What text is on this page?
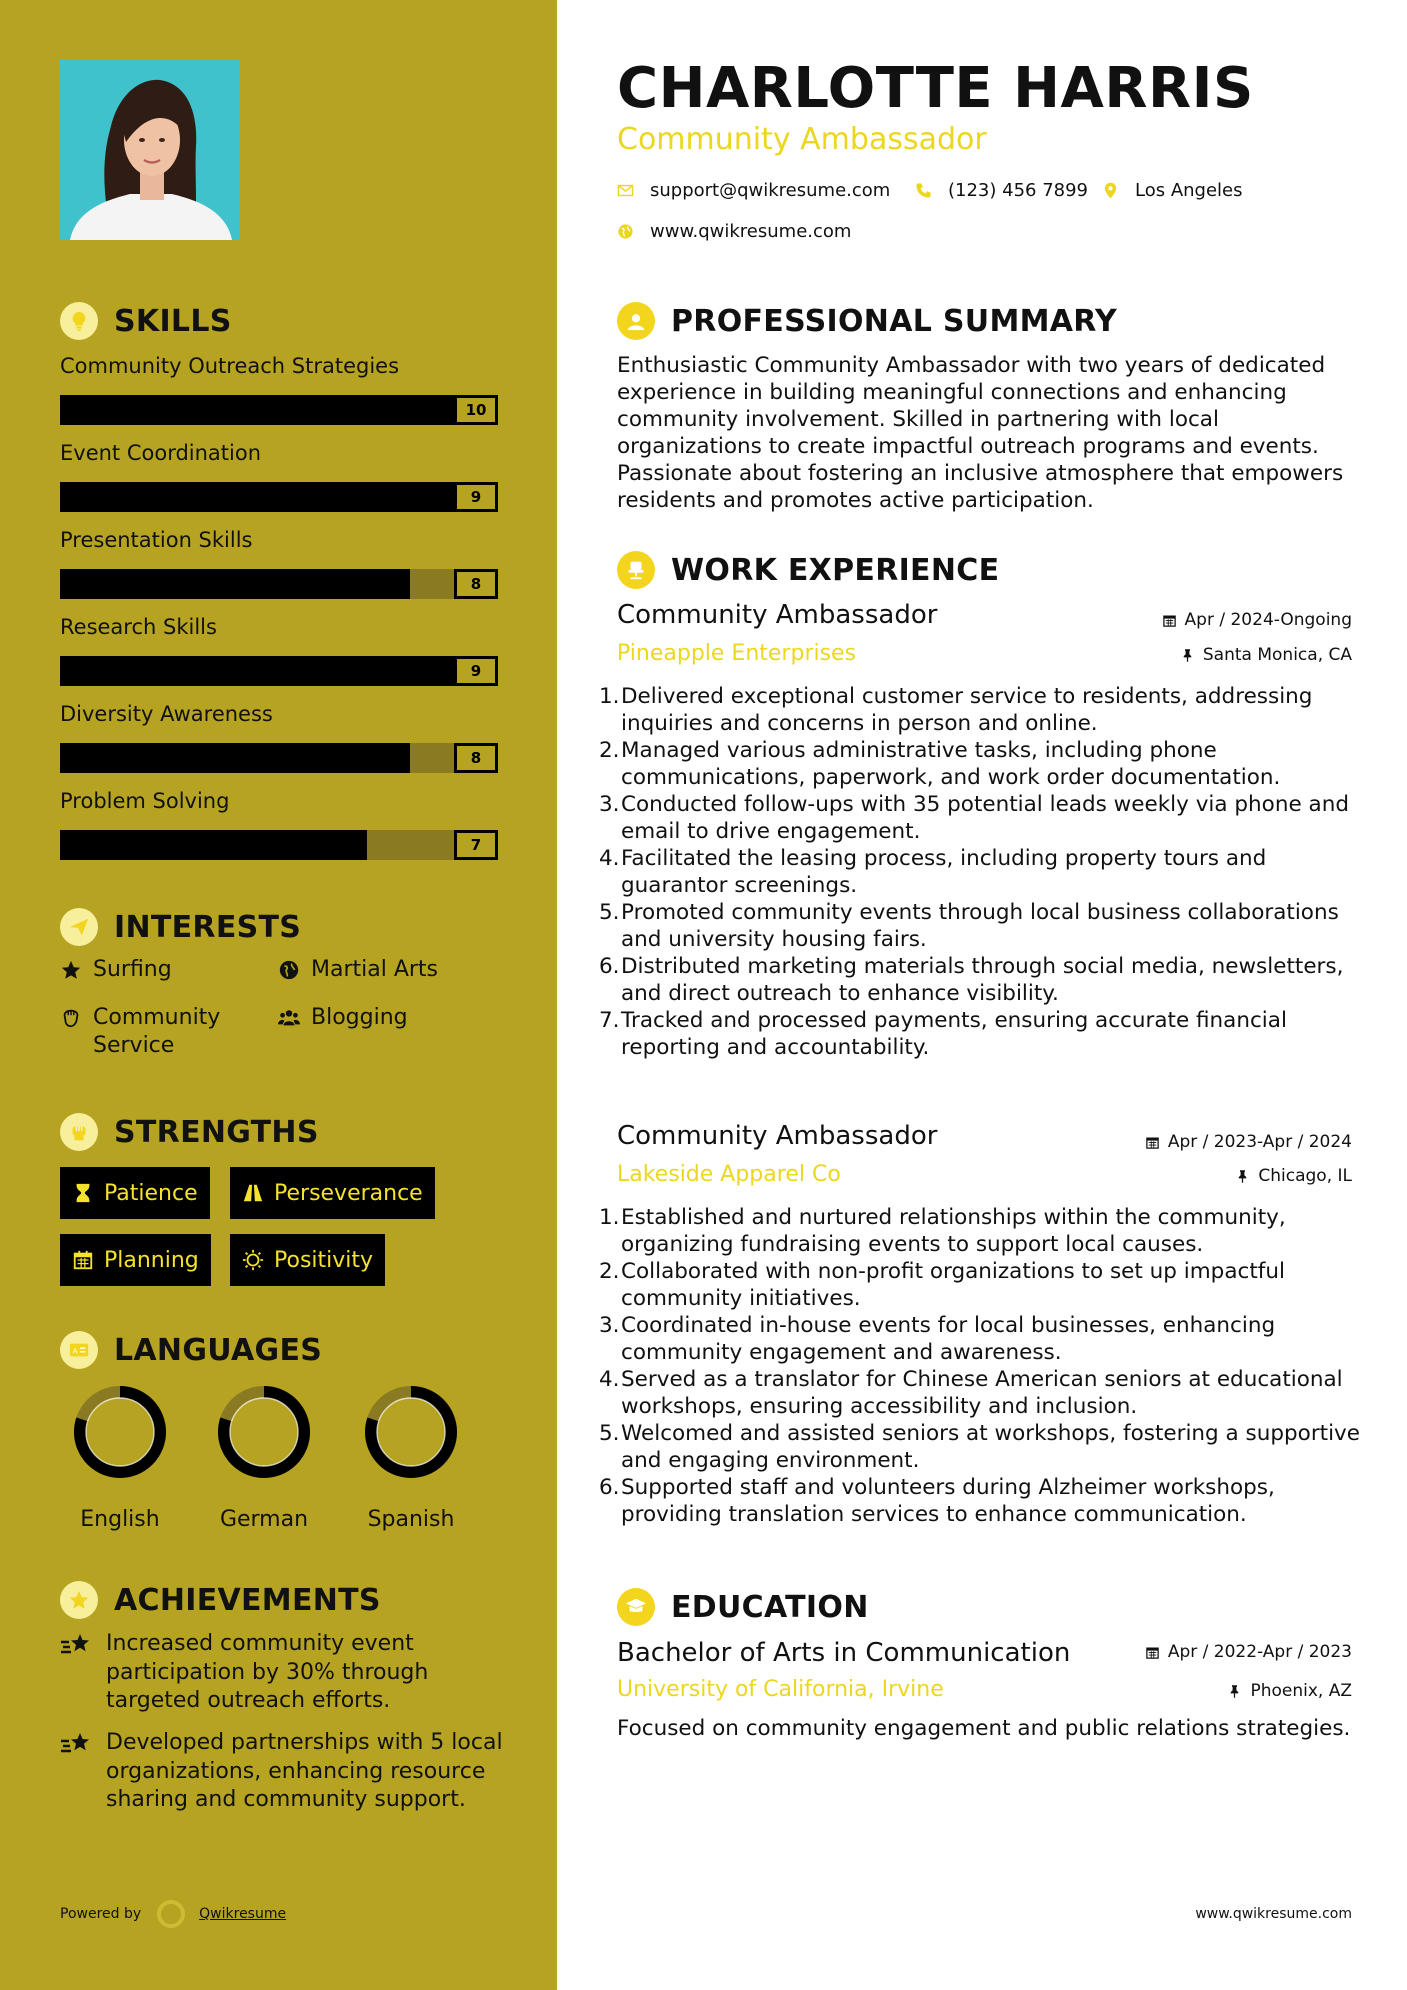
SKILLS
Community Outreach Strategies
10
Event Coordination
9
Presentation Skills
8
Research Skills
9
Diversity Awareness
8
Problem Solving
7
INTERESTS
Surfing	Martial Arts
Community Service
Blogging
STRENGTHS
Patience	Perseverance
Planning	Positivity
A LANGUAGES
English	German	Spanish
ACHIEVEMENTS
Increased community event participation by 30% through targeted outreach efforts.
Developed partnerships with 5 local organizations, enhancing resource sharing and community support.
Powered by	Qwikresume
CHARLOTTE HARRIS
Community Ambassador
support@qwikresume.com	(123) 456 7899	Los Angeles
www.qwikresume.com
PROFESSIONAL SUMMARY
Enthusiastic Community Ambassador with two years of dedicated experience in building meaningful connections and enhancing community involvement. Skilled in partnering with local organizations to create impactful outreach programs and events. Passionate about fostering an inclusive atmosphere that empowers residents and promotes active participation.
WORK EXPERIENCE
Community Ambassador	Apr / 2024-Ongoing
Pineapple Enterprises	Santa Monica, CA
1. Delivered exceptional customer service to residents, addressing inquiries and concerns in person and online.
2. Managed various administrative tasks, including phone communications, paperwork, and work order documentation.
3. Conducted follow-ups with 35 potential leads weekly via phone and email to drive engagement.
4. Facilitated the leasing process, including property tours and guarantor screenings.
5. Promoted community events through local business collaborations and university housing fairs.
6. Distributed marketing materials through social media, newsletters, and direct outreach to enhance visibility.
7. Tracked and processed payments, ensuring accurate financial reporting and accountability.
Community Ambassador	Apr / 2023-Apr / 2024
Lakeside Apparel Co	Chicago, IL
1. Established and nurtured relationships within the community, organizing fundraising events to support local causes.
2. Collaborated with non-profit organizations to set up impactful community initiatives.
3. Coordinated in-house events for local businesses, enhancing community engagement and awareness.
4. Served as a translator for Chinese American seniors at educational workshops, ensuring accessibility and inclusion.
5. Welcomed and assisted seniors at workshops, fostering a supportive and engaging environment.
6. Supported staff and volunteers during Alzheimer workshops, providing translation services to enhance communication.
EDUCATION
Bachelor of Arts in Communication	Apr / 2022-Apr / 2023
University of California, Irvine	Phoenix, AZ
Focused on community engagement and public relations strategies.
www.qwikresume.com
